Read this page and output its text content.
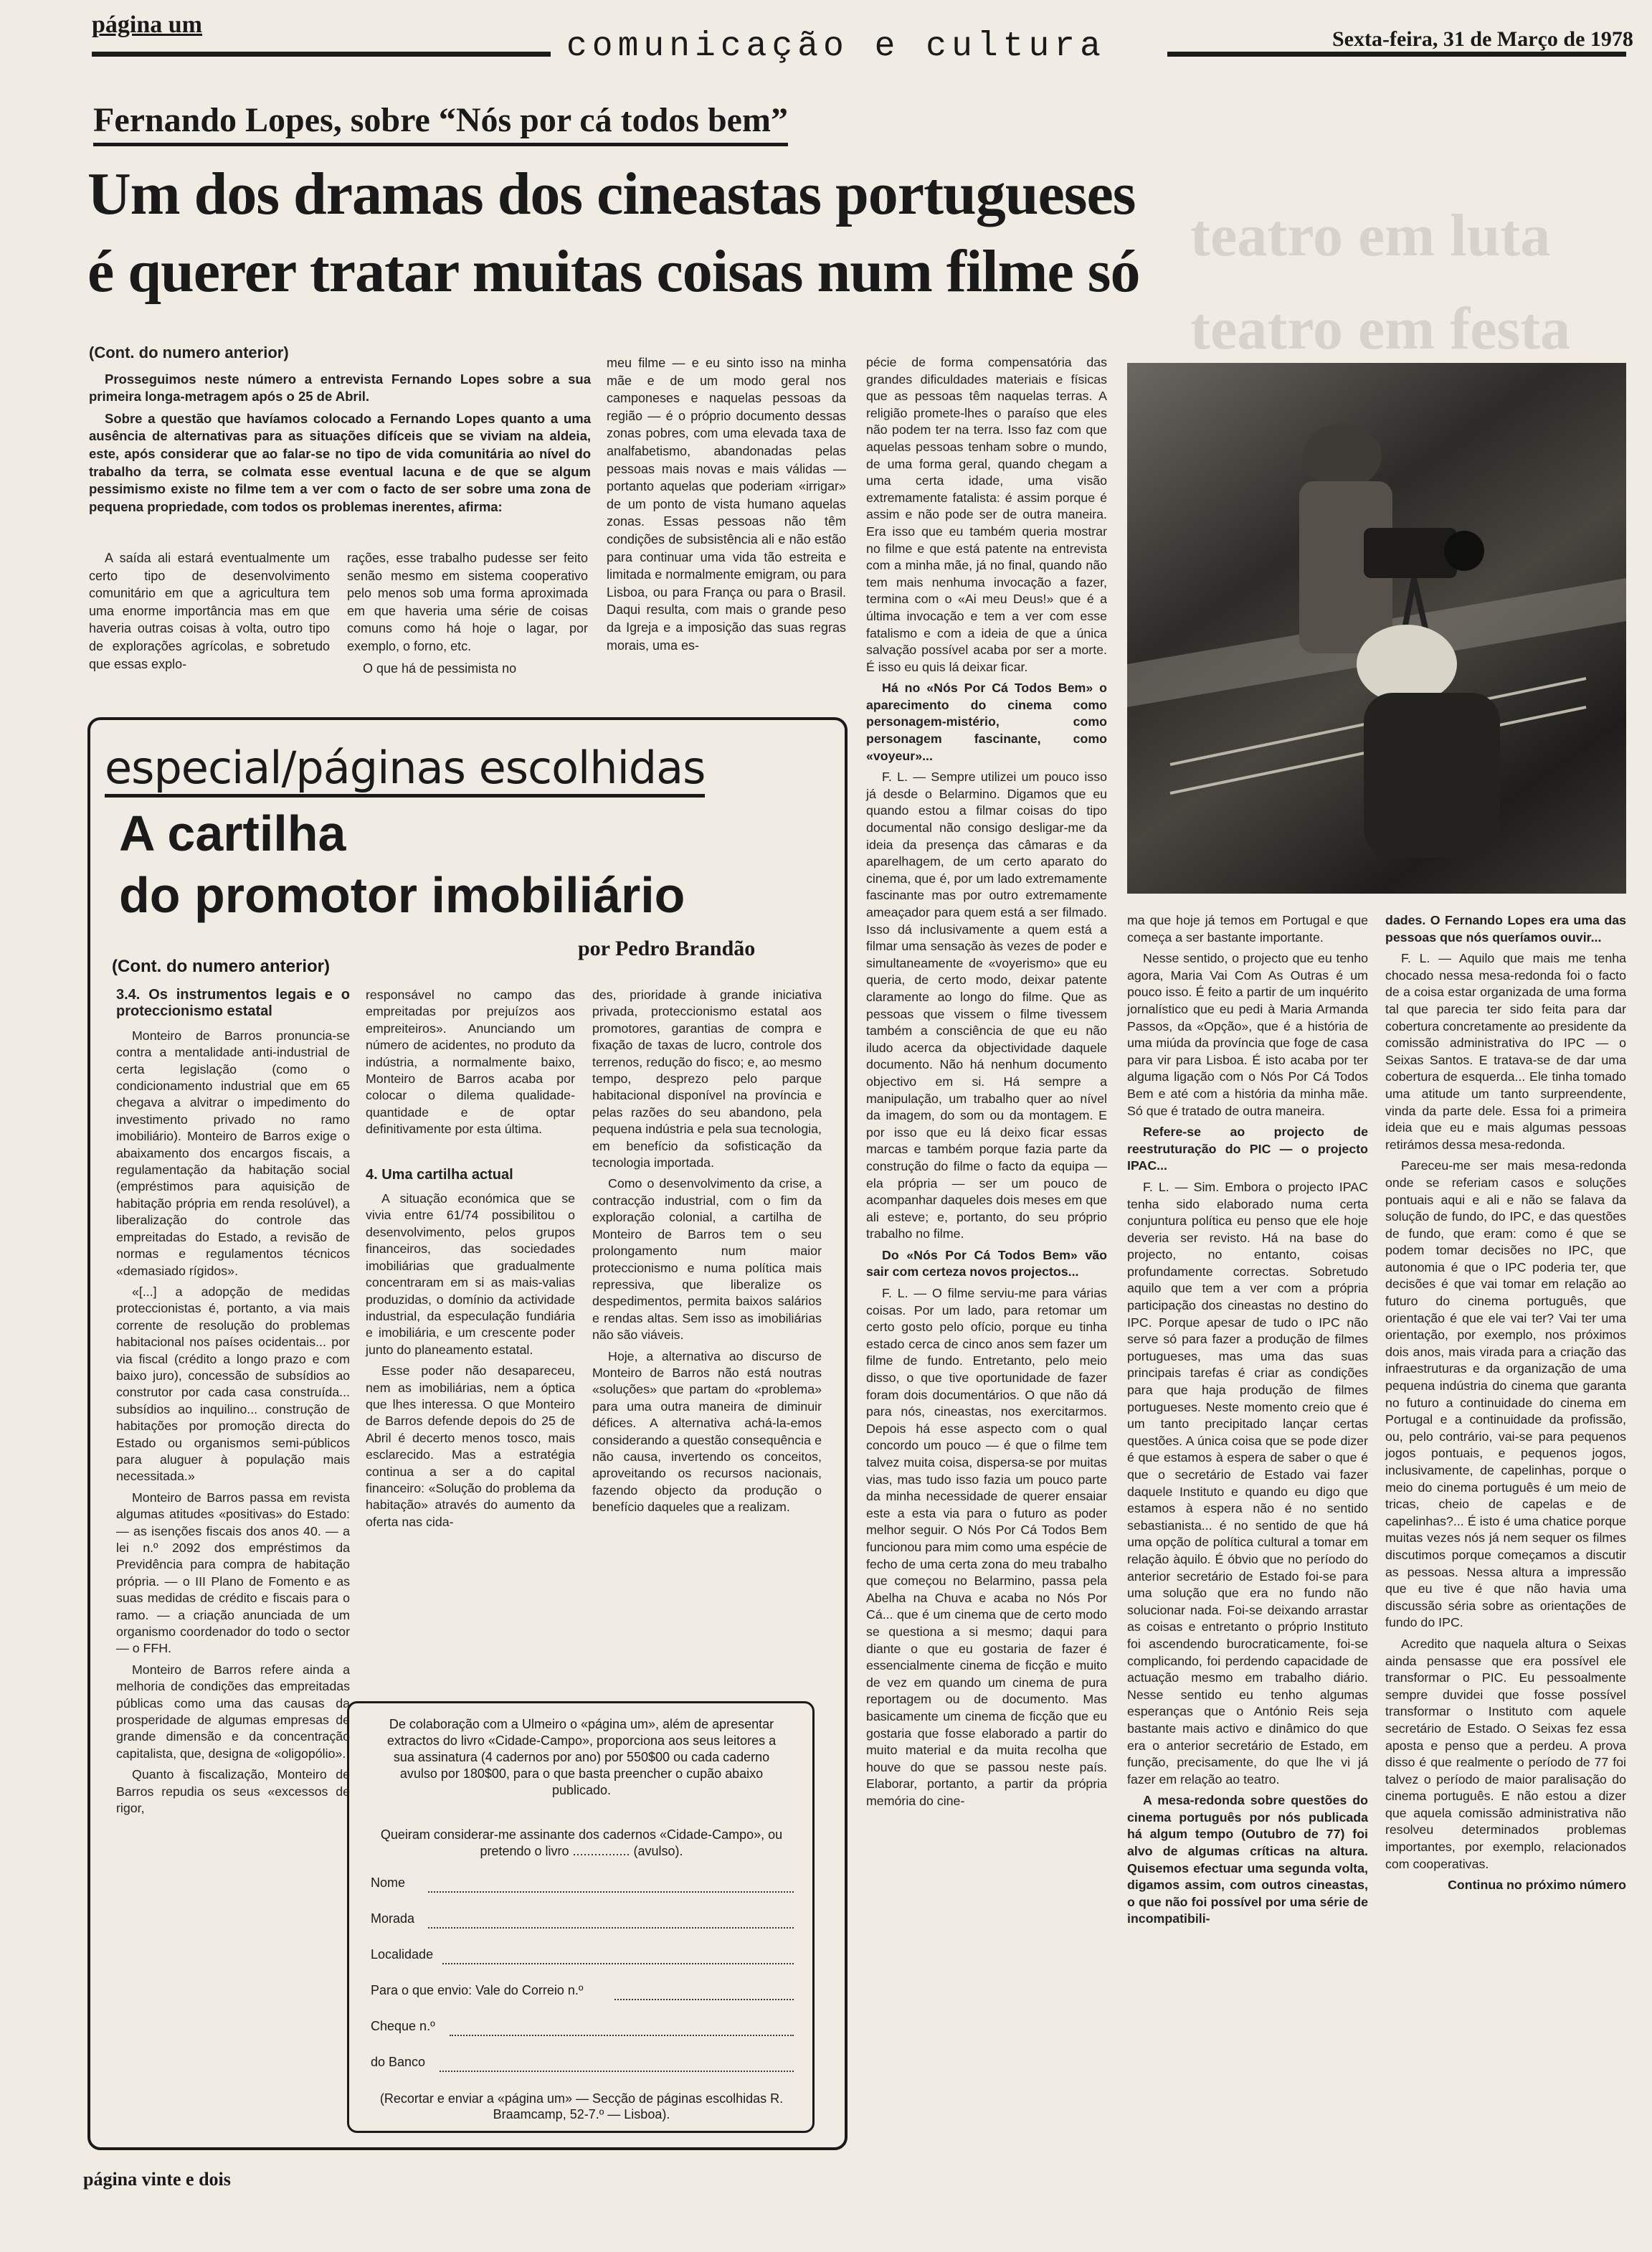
página um
comunicação e cultura	Sexta-feira, 31 de Março de 1978
Fernando Lopes, sobre “Nós por cá todos bem”
Um dos dramas dos cineastas portugueses
é querer tratar muitas coisas num filme só
teatro em luta
teatro em festa

(Cont. do numero anterior)

Prosseguimos neste número a entrevista Fernando Lopes sobre a sua primeira longa-metragem após o 25 de Abril.

Sobre a questão que havíamos colocado a Fernando Lopes quanto a uma ausência de alternativas para as situações difíceis que se viviam na aldeia, este, após considerar que ao falar-se no tipo de vida comunitária ao nível do trabalho da terra, se colmata esse eventual lacuna e de que se algum pessimismo existe no filme tem a ver com o facto de ser sobre uma zona de pequena propriedade, com todos os problemas inerentes, afirma:

A saída ali estará eventualmente um certo tipo de desenvolvimento comunitário em que a agricultura tem uma enorme importância mas em que haveria outras coisas à volta, outro tipo de explorações agrícolas, e sobretudo que essas explo-

rações, esse trabalho pudesse ser feito senão mesmo em sistema cooperativo pelo menos sob uma forma aproximada em que haveria uma série de coisas comuns como há hoje o lagar, por exemplo, o forno, etc.

O que há de pessimista no

meu filme — e eu sinto isso na minha mãe e de um modo geral nos camponeses e naquelas pessoas da região — é o próprio documento dessas zonas pobres, com uma elevada taxa de analfabetismo, abandonadas pelas pessoas mais novas e mais válidas — portanto aquelas que poderiam «irrigar» de um ponto de vista humano aquelas zonas. Essas pessoas não têm condições de subsistência ali e não estão para continuar uma vida tão estreita e limitada e normalmente emigram, ou para Lisboa, ou para França ou para o Brasil. Daqui resulta, com mais o grande peso da Igreja e a imposição das suas regras morais, uma es-

pécie de forma compensatória das grandes dificuldades materiais e físicas que as pessoas têm naquelas terras. A religião promete-lhes o paraíso que eles não podem ter na terra. Isso faz com que aquelas pessoas tenham sobre o mundo, de uma forma geral, quando chegam a uma certa idade, uma visão extremamente fatalista: é assim porque é assim e não pode ser de outra maneira. Era isso que eu também queria mostrar no filme e que está patente na entrevista com a minha mãe, já no final, quando não tem mais nenhuma invocação a fazer, termina com o «Ai meu Deus!» que é a última invocação e tem a ver com esse fatalismo e com a ideia de que a única salvação possível acaba por ser a morte. É isso eu quis lá deixar ficar.

Há no «Nós Por Cá Todos Bem» o aparecimento do cinema como personagem-mistério, como personagem fascinante, como «voyeur»...

F. L. — Sempre utilizei um pouco isso já desde o Belarmino. Digamos que eu quando estou a filmar coisas do tipo documental não consigo desligar-me da ideia da presença das câmaras e da aparelhagem, de um certo aparato do cinema, que é, por um lado extremamente fascinante mas por outro extremamente ameaçador para quem está a ser filmado. Isso dá inclusivamente a quem está a filmar uma sensação às vezes de poder e simultaneamente de «voyerismo» que eu queria, de certo modo, deixar patente claramente ao longo do filme. Que as pessoas que vissem o filme tivessem também a consciência de que eu não iludo acerca da objectividade daquele documento. Não há nenhum documento objectivo em si. Há sempre a manipulação, um trabalho quer ao nível da imagem, do som ou da montagem. E por isso que eu lá deixo ficar essas marcas e também porque fazia parte da construção do filme o facto da equipa — ela própria — ser um pouco de acompanhar daqueles dois meses em que ali esteve; e, portanto, do seu próprio trabalho no filme.

Do «Nós Por Cá Todos Bem» vão sair com certeza novos projectos...

F. L. — O filme serviu-me para várias coisas. Por um lado, para retomar um certo gosto pelo ofício, porque eu tinha estado cerca de cinco anos sem fazer um filme de fundo. Entretanto, pelo meio disso, o que tive oportunidade de fazer foram dois documentários. O que não dá para nós, cineastas, nos exercitarmos. Depois há esse aspecto com o qual concordo um pouco — é que o filme tem talvez muita coisa, dispersa-se por muitas vias, mas tudo isso fazia um pouco parte da minha necessidade de querer ensaiar este a esta via para o futuro as poder melhor seguir. O Nós Por Cá Todos Bem funcionou para mim como uma espécie de fecho de uma certa zona do meu trabalho que começou no Belarmino, passa pela Abelha na Chuva e acaba no Nós Por Cá... que é um cinema que de certo modo se questiona a si mesmo; daqui para diante o que eu gostaria de fazer é essencialmente cinema de ficção e muito de vez em quando um cinema de pura reportagem ou de documento. Mas basicamente um cinema de ficção que eu gostaria que fosse elaborado a partir do muito material e da muita recolha que houve do que se passou neste país. Elaborar, portanto, a partir da própria memória do cine-

ma que hoje já temos em Portugal e que começa a ser bastante importante.

Nesse sentido, o projecto que eu tenho agora, Maria Vai Com As Outras é um pouco isso. É feito a partir de um inquérito jornalístico que eu pedi à Maria Armanda Passos, da «Opção», que é a história de uma miúda da província que foge de casa para vir para Lisboa. É isto acaba por ter alguma ligação com o Nós Por Cá Todos Bem e até com a história da minha mãe. Só que é tratado de outra maneira.

Refere-se ao projecto de reestruturação do PIC — o projecto IPAC...

F. L. — Sim. Embora o projecto IPAC tenha sido elaborado numa certa conjuntura política eu penso que ele hoje deveria ser revisto. Há na base do projecto, no entanto, coisas profundamente correctas. Sobretudo aquilo que tem a ver com a própria participação dos cineastas no destino do IPC. Porque apesar de tudo o IPC não serve só para fazer a produção de filmes portugueses, mas uma das suas principais tarefas é criar as condições para que haja produção de filmes portugueses. Neste momento creio que é um tanto precipitado lançar certas questões. A única coisa que se pode dizer é que estamos à espera de saber o que é que o secretário de Estado vai fazer daquele Instituto e quando eu digo que estamos à espera não é no sentido sebastianista... é no sentido de que há uma opção de política cultural a tomar em relação àquilo. É óbvio que no período do anterior secretário de Estado foi-se para uma solução que era no fundo não solucionar nada. Foi-se deixando arrastar as coisas e entretanto o próprio Instituto foi ascendendo burocraticamente, foi-se complicando, foi perdendo capacidade de actuação mesmo em trabalho diário. Nesse sentido eu tenho algumas esperanças que o António Reis seja bastante mais activo e dinâmico do que era o anterior secretário de Estado, em função, precisamente, do que lhe vi já fazer em relação ao teatro.

A mesa-redonda sobre questões do cinema português por nós publicada há algum tempo (Outubro de 77) foi alvo de algumas críticas na altura. Quisemos efectuar uma segunda volta, digamos assim, com outros cineastas, o que não foi possível por uma série de incompatibili-

dades. O Fernando Lopes era uma das pessoas que nós queríamos ouvir...

F. L. — Aquilo que mais me tenha chocado nessa mesa-redonda foi o facto de a coisa estar organizada de uma forma tal que parecia ter sido feita para dar cobertura concretamente ao presidente da comissão administrativa do IPC — o Seixas Santos. E tratava-se de dar uma cobertura de esquerda... Ele tinha tomado uma atitude um tanto surpreendente, vinda da parte dele. Essa foi a primeira ideia que eu e mais algumas pessoas retirámos dessa mesa-redonda.

Pareceu-me ser mais mesa-redonda onde se referiam casos e soluções pontuais aqui e ali e não se falava da solução de fundo, do IPC, e das questões de fundo, que eram: como é que se podem tomar decisões no IPC, que autonomia é que o IPC poderia ter, que decisões é que vai tomar em relação ao futuro do cinema português, que orientação é que ele vai ter? Vai ter uma orientação, por exemplo, nos próximos dois anos, mais virada para a criação das infraestruturas e da organização de uma pequena indústria do cinema que garanta no futuro a continuidade do cinema em Portugal e a continuidade da profissão, ou, pelo contrário, vai-se para pequenos jogos pontuais, e pequenos jogos, inclusivamente, de capelinhas, porque o meio do cinema português é um meio de tricas, cheio de capelas e de capelinhas?... É isto é uma chatice porque muitas vezes nós já nem sequer os filmes discutimos porque começamos a discutir as pessoas. Nessa altura a impressão que eu tive é que não havia uma discussão séria sobre as orientações de fundo do IPC.

Acredito que naquela altura o Seixas ainda pensasse que era possível ele transformar o PIC. Eu pessoalmente sempre duvidei que fosse possível transformar o Instituto com aquele secretário de Estado. O Seixas fez essa aposta e penso que a perdeu. A prova disso é que realmente o período de 77 foi talvez o período de maior paralisação do cinema português. E não estou a dizer que aquela comissão administrativa não resolveu determinados problemas importantes, por exemplo, relacionados com cooperativas.

Continua no próximo número

especial/páginas escolhidas
A cartilha
do promotor imobiliário
por Pedro Brandão
(Cont. do numero anterior)
3.4. Os instrumentos legais e o proteccionismo estatal

Monteiro de Barros pronuncia-se contra a mentalidade anti-industrial de certa legislação (como o condicionamento industrial que em 65 chegava a alvitrar o impedimento do investimento privado no ramo imobiliário). Monteiro de Barros exige o abaixamento dos encargos fiscais, a regulamentação da habitação social (empréstimos para aquisição de habitação própria em renda resolúvel), a liberalização do controle das empreitadas do Estado, a revisão de normas e regulamentos técnicos «demasiado rígidos».

«[...] a adopção de medidas proteccionistas é, portanto, a via mais corrente de resolução do problemas habitacional nos países ocidentais... por via fiscal (crédito a longo prazo e com baixo juro), concessão de subsídios ao construtor por cada casa construída... subsídios ao inquilino... construção de habitações por promoção directa do Estado ou organismos semi-públicos para aluguer à população mais necessitada.»

Monteiro de Barros passa em revista algumas atitudes «positivas» do Estado: — as isenções fiscais dos anos 40. — a lei n.º 2092 dos empréstimos da Previdência para compra de habitação própria. — o III Plano de Fomento e as suas medidas de crédito e fiscais para o ramo. — a criação anunciada de um organismo coordenador do todo o sector — o FFH.

Monteiro de Barros refere ainda a melhoria de condições das empreitadas públicas como uma das causas da prosperidade de algumas empresas de grande dimensão e da concentração capitalista, que, designa de «oligopólio».

Quanto à fiscalização, Monteiro de Barros repudia os seus «excessos de rigor,

responsável no campo das empreitadas por prejuízos aos empreiteiros». Anunciando um número de acidentes, no produto da indústria, a normalmente baixo, Monteiro de Barros acaba por colocar o dilema qualidade-quantidade e de optar definitivamente por esta última.

4. Uma cartilha actual

A situação económica que se vivia entre 61/74 possibilitou o desenvolvimento, pelos grupos financeiros, das sociedades imobiliárias que gradualmente concentraram em si as mais-valias produzidas, o domínio da actividade industrial, da especulação fundiária e imobiliária, e um crescente poder junto do planeamento estatal.

Esse poder não desapareceu, nem as imobiliárias, nem a óptica que lhes interessa. O que Monteiro de Barros defende depois do 25 de Abril é decerto menos tosco, mais esclarecido. Mas a estratégia continua a ser a do capital financeiro: «Solução do problema da habitação» através do aumento da oferta nas cida-

des, prioridade à grande iniciativa privada, proteccionismo estatal aos promotores, garantias de compra e fixação de taxas de lucro, controle dos terrenos, redução do fisco; e, ao mesmo tempo, desprezo pelo parque habitacional disponível na província e pelas razões do seu abandono, pela pequena indústria e pela sua tecnologia, em benefício da sofisticação da tecnologia importada.

Como o desenvolvimento da crise, a contracção industrial, com o fim da exploração colonial, a cartilha de Monteiro de Barros tem o seu prolongamento num maior proteccionismo e numa política mais repressiva, que liberalize os despedimentos, permita baixos salários e rendas altas. Sem isso as imobiliárias não são viáveis.

Hoje, a alternativa ao discurso de Monteiro de Barros não está noutras «soluções» que partam do «problema» para uma outra maneira de diminuir défices. A alternativa achá-la-emos considerando a questão consequência e não causa, invertendo os conceitos, aproveitando os recursos nacionais, fazendo objecto da produção o benefício daqueles que a realizam.

De colaboração com a Ulmeiro o «página um», além de apresentar extractos do livro «Cidade-Campo», proporciona aos seus leitores a sua assinatura (4 cadernos por ano) por 550$00 ou cada caderno avulso por 180$00, para o que basta preencher o cupão abaixo publicado.
Queiram considerar-me assinante dos cadernos «Cidade-Campo», ou pretendo o livro ................ (avulso).
Nome
Morada
Localidade
Para o que envio: Vale do Correio n.º
Cheque n.º
do Banco
(Recortar e enviar a «página um» — Secção de páginas escolhidas R. Braamcamp, 52-7.º — Lisboa).
página vinte e dois
